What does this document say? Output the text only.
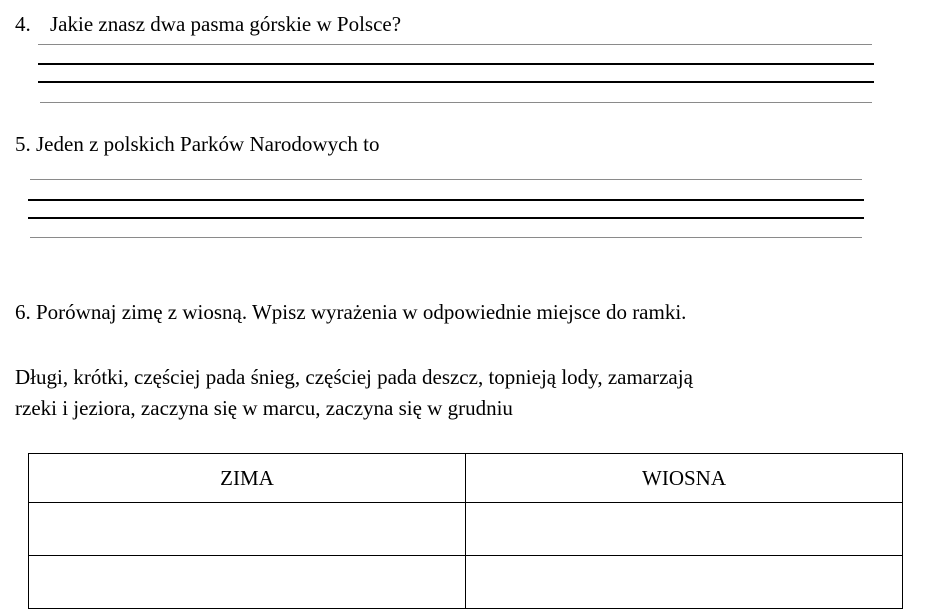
4. Jakie znasz dwa pasma górskie w Polsce?
5. Jeden z polskich Parków Narodowych to
6. Porównaj zimę z wiosną. Wpisz wyrażenia w odpowiednie miejsce do ramki.
Długi, krótki, częściej pada śnieg, częściej pada deszcz, topnieją lody, zamarzają
rzeki i jeziora, zaczyna się w marcu, zaczyna się w grudniu
ZIMA	WIOSNA
